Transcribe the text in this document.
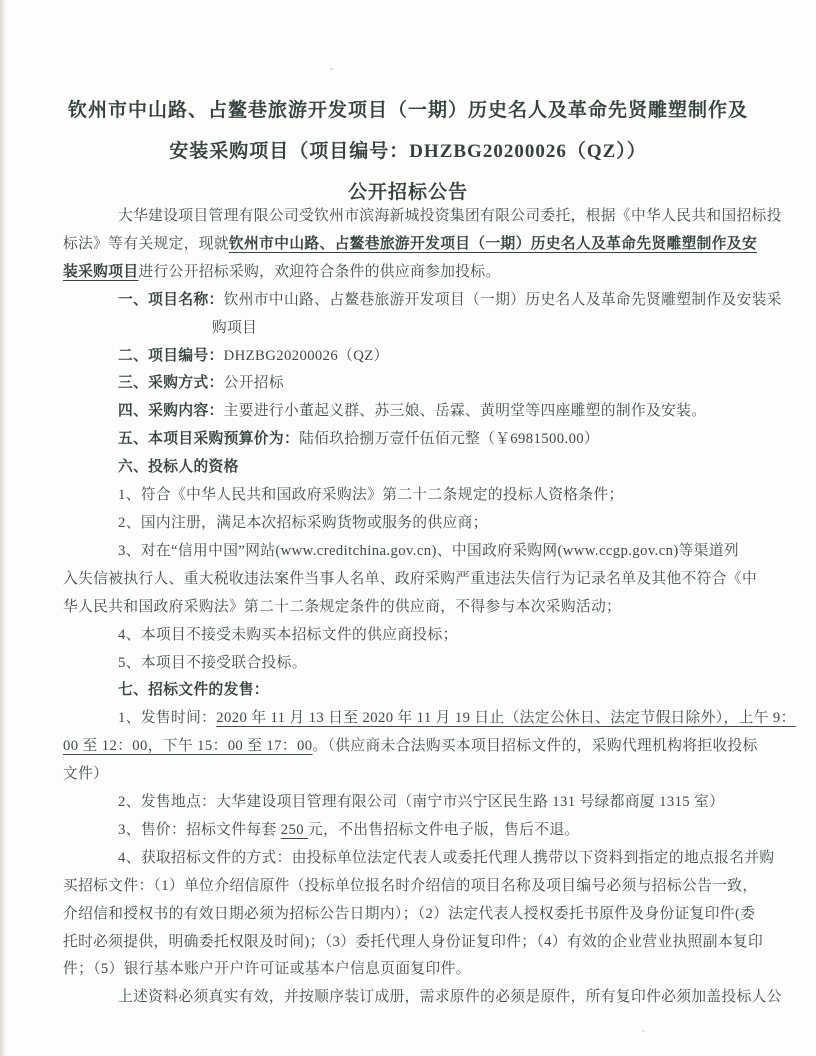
钦州市中山路、占鳌巷旅游开发项目（一期）历史名人及革命先贤雕塑制作及
安装采购项目（项目编号：DHZBG20200026（QZ））
公开招标公告
大华建设项目管理有限公司受钦州市滨海新城投资集团有限公司委托，根据《中华人民共和国招标投
标法》等有关规定，现就钦州市中山路、占鳌巷旅游开发项目（一期）历史名人及革命先贤雕塑制作及安
装采购项目进行公开招标采购，欢迎符合条件的供应商参加投标。
一、项目名称：钦州市中山路、占鳌巷旅游开发项目（一期）历史名人及革命先贤雕塑制作及安装采
购项目
二、项目编号：DHZBG20200026（QZ）
三、采购方式：公开招标
四、采购内容：主要进行小董起义群、苏三娘、岳霖、黄明堂等四座雕塑的制作及安装。
五、本项目采购预算价为：陆佰玖拾捌万壹仟伍佰元整（￥6981500.00）
六、投标人的资格
1、符合《中华人民共和国政府采购法》第二十二条规定的投标人资格条件；
2、国内注册，满足本次招标采购货物或服务的供应商；
3、对在“信用中国”网站(www.creditchina.gov.cn)、中国政府采购网(www.ccgp.gov.cn)等渠道列
入失信被执行人、重大税收违法案件当事人名单、政府采购严重违法失信行为记录名单及其他不符合《中
华人民共和国政府采购法》第二十二条规定条件的供应商，不得参与本次采购活动；
4、本项目不接受未购买本招标文件的供应商投标；
5、本项目不接受联合投标。
七、招标文件的发售：
1、发售时间：2020 年 11 月 13 日至 2020 年 11 月 19 日止（法定公休日、法定节假日除外），上午 9：
00 至 12：00，下午 15：00 至 17：00。（供应商未合法购买本项目招标文件的，采购代理机构将拒收投标
文件）
2、发售地点：大华建设项目管理有限公司（南宁市兴宁区民生路 131 号绿都商厦 1315 室）
3、售价：招标文件每套 250 元，不出售招标文件电子版，售后不退。
4、获取招标文件的方式：由投标单位法定代表人或委托代理人携带以下资料到指定的地点报名并购
买招标文件：（1）单位介绍信原件（投标单位报名时介绍信的项目名称及项目编号必须与招标公告一致，
介绍信和授权书的有效日期必须为招标公告日期内）；（2）法定代表人授权委托书原件及身份证复印件(委
托时必须提供，明确委托权限及时间)；（3）委托代理人身份证复印件；（4）有效的企业营业执照副本复印
件；（5）银行基本账户开户许可证或基本户信息页面复印件。
上述资料必须真实有效，并按顺序装订成册，需求原件的必须是原件，所有复印件必须加盖投标人公
